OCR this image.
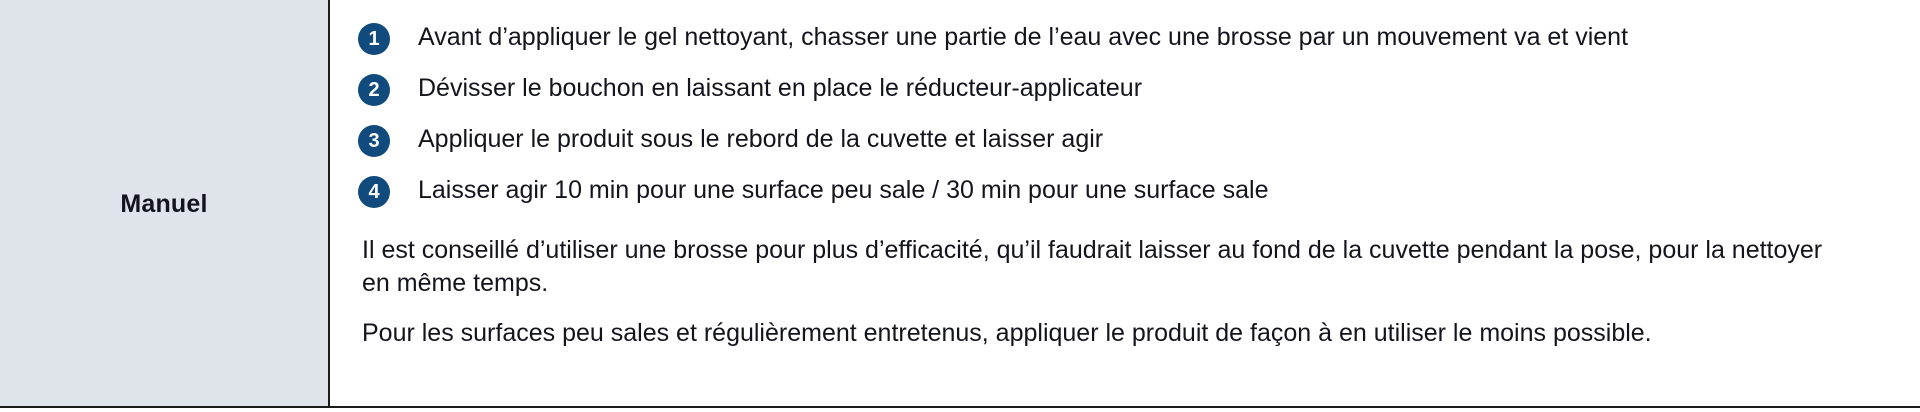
Manuel
1	Avant d’appliquer le gel nettoyant, chasser une partie de l’eau avec une brosse par un mouvement va et vient
2	Dévisser le bouchon en laissant en place le réducteur-applicateur
3	Appliquer le produit sous le rebord de la cuvette et laisser agir
4	Laisser agir 10 min pour une surface peu sale / 30 min pour une surface sale

Il est conseillé d’utiliser une brosse pour plus d’efficacité, qu’il faudrait laisser au fond de la cuvette pendant la pose, pour la nettoyer en même temps.

Pour les surfaces peu sales et régulièrement entretenus, appliquer le produit de façon à en utiliser le moins possible.
